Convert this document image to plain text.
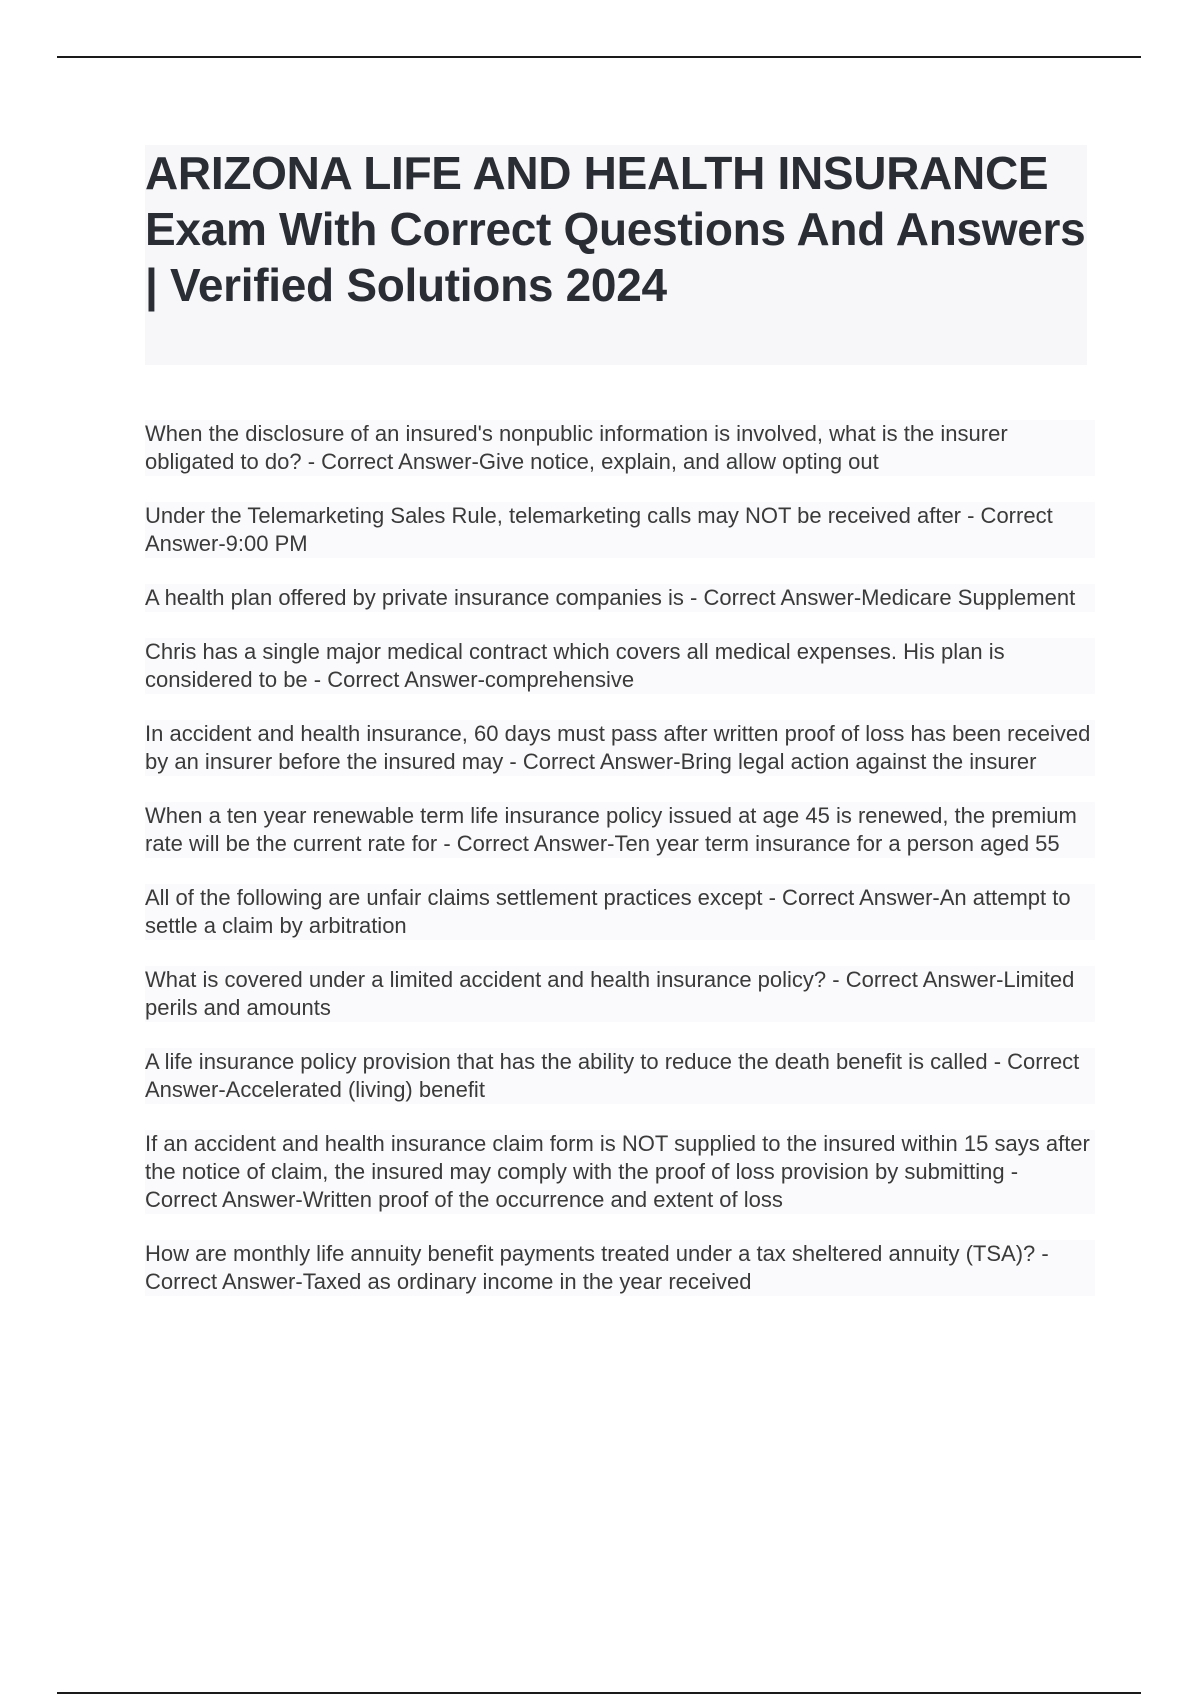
ARIZONA LIFE AND HEALTH INSURANCE Exam With Correct Questions And Answers | Verified Solutions 2024
When the disclosure of an insured's nonpublic information is involved, what is the insurer obligated to do? - Correct Answer-Give notice, explain, and allow opting out
Under the Telemarketing Sales Rule, telemarketing calls may NOT be received after - Correct Answer-9:00 PM
A health plan offered by private insurance companies is - Correct Answer-Medicare Supplement
Chris has a single major medical contract which covers all medical expenses. His plan is considered to be - Correct Answer-comprehensive
In accident and health insurance, 60 days must pass after written proof of loss has been received by an insurer before the insured may - Correct Answer-Bring legal action against the insurer
When a ten year renewable term life insurance policy issued at age 45 is renewed, the premium rate will be the current rate for - Correct Answer-Ten year term insurance for a person aged 55
All of the following are unfair claims settlement practices except - Correct Answer-An attempt to settle a claim by arbitration
What is covered under a limited accident and health insurance policy? - Correct Answer-Limited perils and amounts
A life insurance policy provision that has the ability to reduce the death benefit is called - Correct Answer-Accelerated (living) benefit
If an accident and health insurance claim form is NOT supplied to the insured within 15 says after the notice of claim, the insured may comply with the proof of loss provision by submitting - Correct Answer-Written proof of the occurrence and extent of loss
How are monthly life annuity benefit payments treated under a tax sheltered annuity (TSA)? - Correct Answer-Taxed as ordinary income in the year received
